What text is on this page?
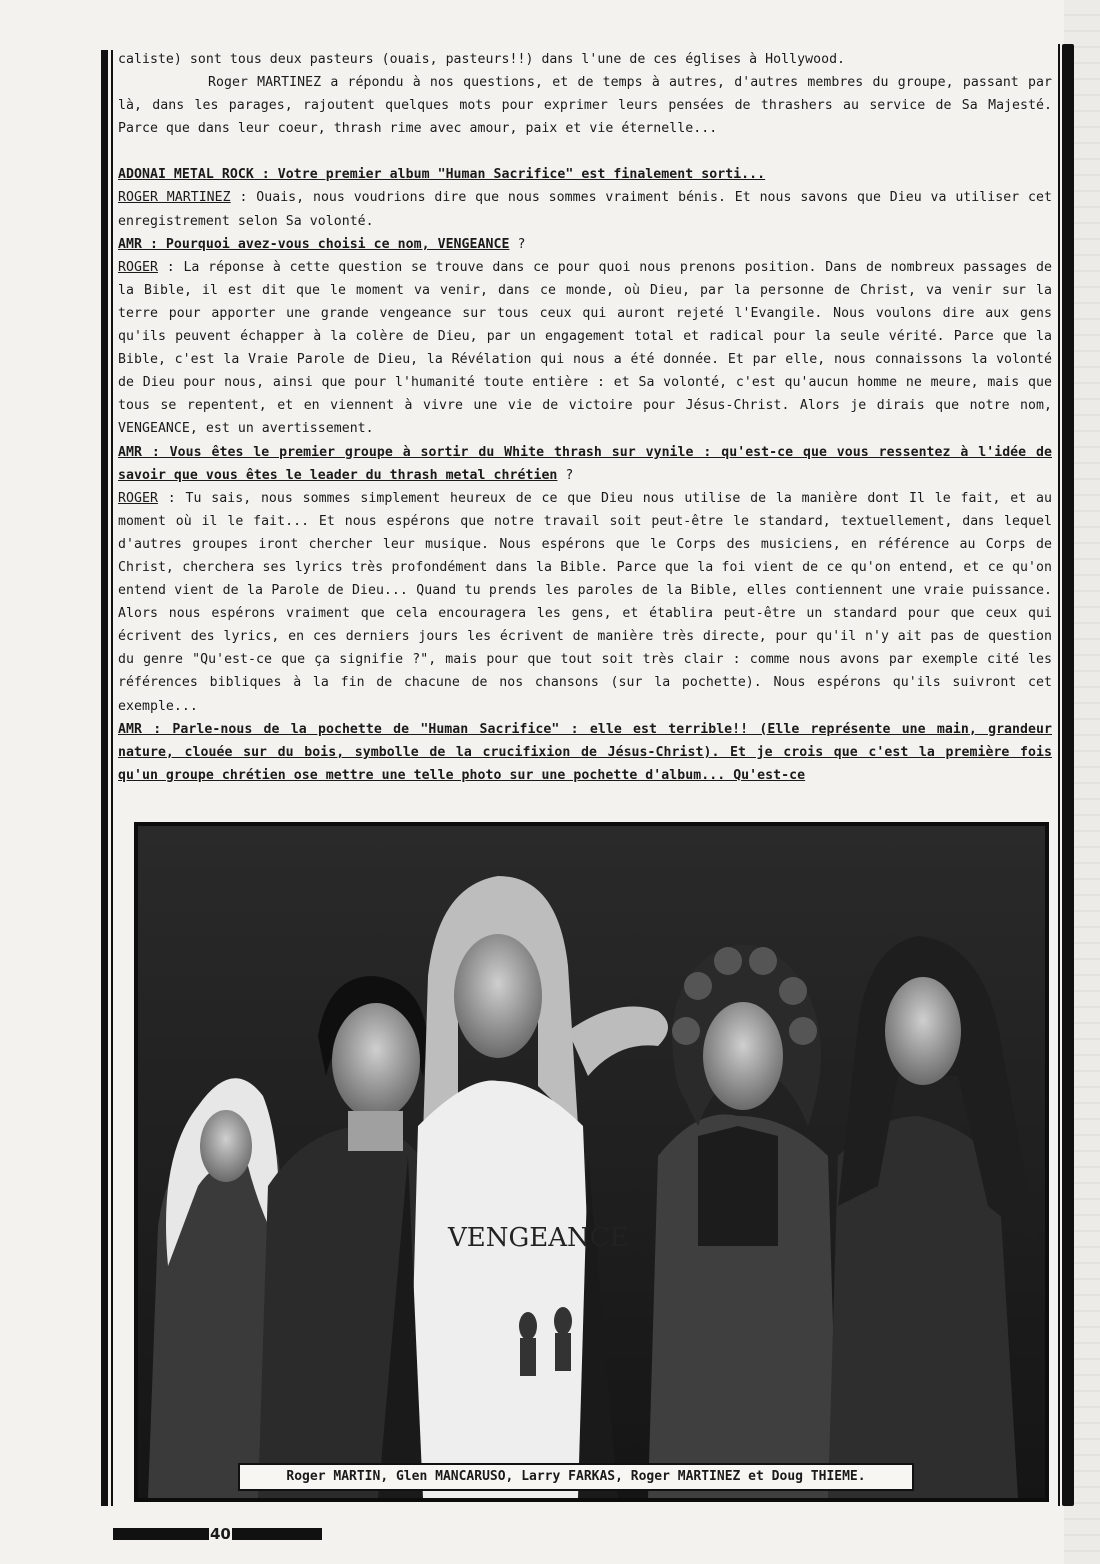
caliste) sont tous deux pasteurs (ouais, pasteurs!!) dans l'une de ces églises à Hollywood.

Roger MARTINEZ a répondu à nos questions, et de temps à autres, d'autres membres du groupe, passant par là, dans les parages, rajoutent quelques mots pour exprimer leurs pensées de thrashers au service de Sa Majesté. Parce que dans leur coeur, thrash rime avec amour, paix et vie éternelle...

ADONAI METAL ROCK : Votre premier album "Human Sacrifice" est finalement sorti...

ROGER MARTINEZ : Ouais, nous voudrions dire que nous sommes vraiment bénis. Et nous savons que Dieu va utiliser cet enregistrement selon Sa volonté.

AMR : Pourquoi avez-vous choisi ce nom, VENGEANCE ?

ROGER : La réponse à cette question se trouve dans ce pour quoi nous prenons position. Dans de nombreux passages de la Bible, il est dit que le moment va venir, dans ce monde, où Dieu, par la personne de Christ, va venir sur la terre pour apporter une grande vengeance sur tous ceux qui auront rejeté l'Evangile. Nous voulons dire aux gens qu'ils peuvent échapper à la colère de Dieu, par un engagement total et radical pour la seule vérité. Parce que la Bible, c'est la Vraie Parole de Dieu, la Révélation qui nous a été donnée. Et par elle, nous connaissons la volonté de Dieu pour nous, ainsi que pour l'humanité toute entière : et Sa volonté, c'est qu'aucun homme ne meure, mais que tous se repentent, et en viennent à vivre une vie de victoire pour Jésus-Christ. Alors je dirais que notre nom, VENGEANCE, est un avertissement.

AMR : Vous êtes le premier groupe à sortir du White thrash sur vynile : qu'est-ce que vous ressentez à l'idée de savoir que vous êtes le leader du thrash metal chrétien ?

ROGER : Tu sais, nous sommes simplement heureux de ce que Dieu nous utilise de la manière dont Il le fait, et au moment où il le fait... Et nous espérons que notre travail soit peut-être le standard, textuellement, dans lequel d'autres groupes iront chercher leur musique. Nous espérons que le Corps des musiciens, en référence au Corps de Christ, cherchera ses lyrics très profondément dans la Bible. Parce que la foi vient de ce qu'on entend, et ce qu'on entend vient de la Parole de Dieu... Quand tu prends les paroles de la Bible, elles contiennent une vraie puissance. Alors nous espérons vraiment que cela encouragera les gens, et établira peut-être un standard pour que ceux qui écrivent des lyrics, en ces derniers jours les écrivent de manière très directe, pour qu'il n'y ait pas de question du genre "Qu'est-ce que ça signifie ?", mais pour que tout soit très clair : comme nous avons par exemple cité les références bibliques à la fin de chacune de nos chansons (sur la pochette). Nous espérons qu'ils suivront cet exemple...

AMR : Parle-nous de la pochette de "Human Sacrifice" : elle est terrible!! (Elle représente une main, grandeur nature, clouée sur du bois, symbolle de la crucifixion de Jésus-Christ). Et je crois que c'est la première fois qu'un groupe chrétien ose mettre une telle photo sur une pochette d'album... Qu'est-ce

VENGEANCE
Roger MARTIN, Glen MANCARUSO, Larry FARKAS, Roger MARTINEZ et Doug THIEME.
40
